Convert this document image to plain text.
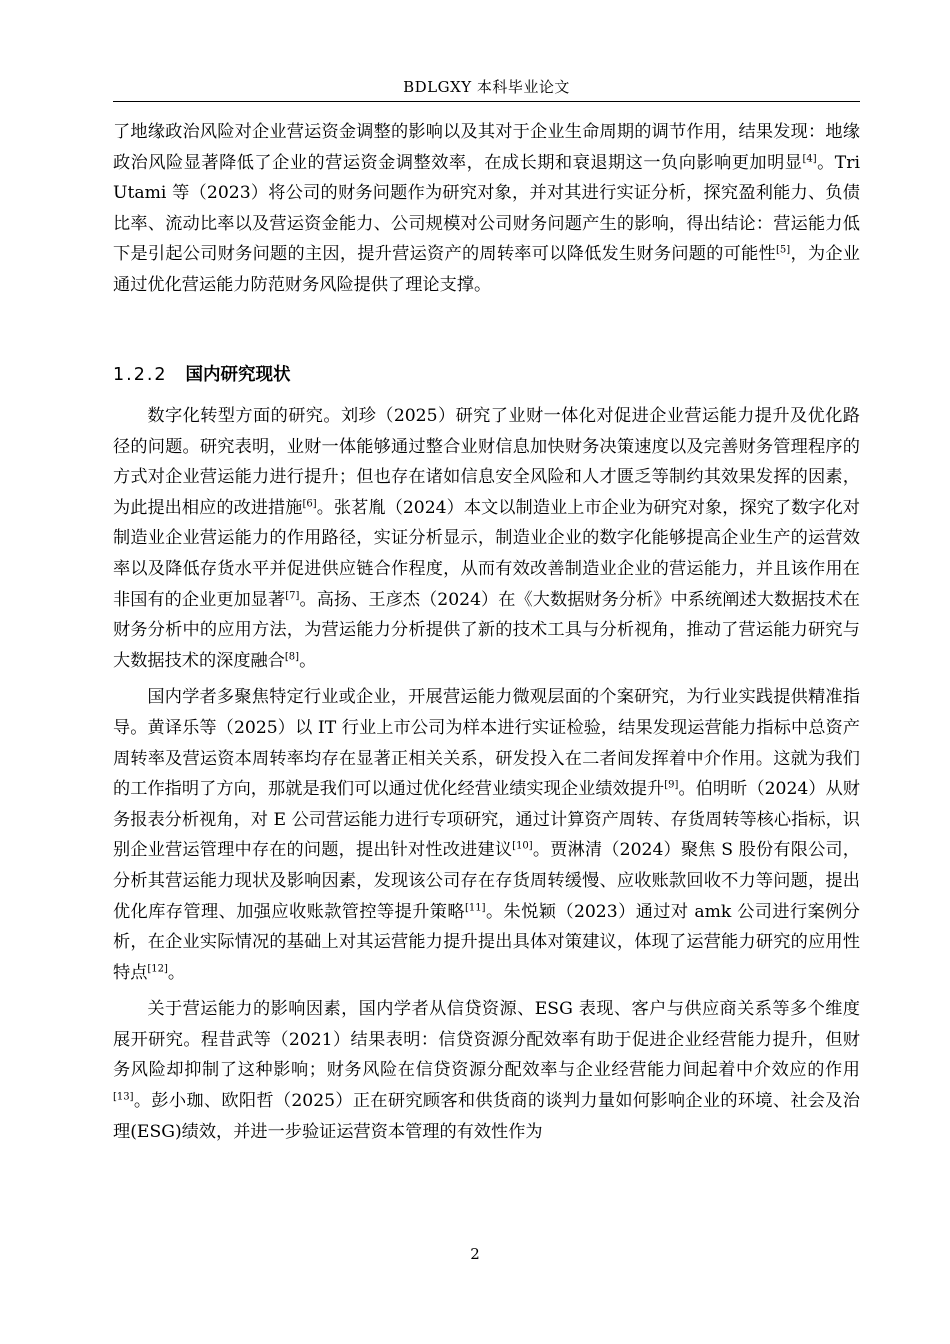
BDLGXY 本科毕业论文

了地缘政治风险对企业营运资金调整的影响以及其对于企业生命周期的调节作用，结果发现：地缘政治风险显著降低了企业的营运资金调整效率，在成长期和衰退期这一负向影响更加明显[4]。Tri Utami 等（2023）将公司的财务问题作为研究对象，并对其进行实证分析，探究盈利能力、负债比率、流动比率以及营运资金能力、公司规模对公司财务问题产生的影响，得出结论：营运能力低下是引起公司财务问题的主因，提升营运资产的周转率可以降低发生财务问题的可能性[5]，为企业通过优化营运能力防范财务风险提供了理论支撑。

1.2.2 国内研究现状

数字化转型方面的研究。刘珍（2025）研究了业财一体化对促进企业营运能力提升及优化路径的问题。研究表明，业财一体能够通过整合业财信息加快财务决策速度以及完善财务管理程序的方式对企业营运能力进行提升；但也存在诸如信息安全风险和人才匮乏等制约其效果发挥的因素，为此提出相应的改进措施[6]。张茗胤（2024）本文以制造业上市企业为研究对象，探究了数字化对制造业企业营运能力的作用路径，实证分析显示，制造业企业的数字化能够提高企业生产的运营效率以及降低存货水平并促进供应链合作程度，从而有效改善制造业企业的营运能力，并且该作用在非国有的企业更加显著[7]。高扬、王彦杰（2024）在《大数据财务分析》中系统阐述大数据技术在财务分析中的应用方法，为营运能力分析提供了新的技术工具与分析视角，推动了营运能力研究与大数据技术的深度融合[8]。

国内学者多聚焦特定行业或企业，开展营运能力微观层面的个案研究，为行业实践提供精准指导。黄译乐等（2025）以 IT 行业上市公司为样本进行实证检验，结果发现运营能力指标中总资产周转率及营运资本周转率均存在显著正相关关系，研发投入在二者间发挥着中介作用。这就为我们的工作指明了方向，那就是我们可以通过优化经营业绩实现企业绩效提升[9]。伯明昕（2024）从财务报表分析视角，对 E 公司营运能力进行专项研究，通过计算资产周转、存货周转等核心指标，识别企业营运管理中存在的问题，提出针对性改进建议[10]。贾淋清（2024）聚焦 S 股份有限公司，分析其营运能力现状及影响因素，发现该公司存在存货周转缓慢、应收账款回收不力等问题，提出优化库存管理、加强应收账款管控等提升策略[11]。朱悦颖（2023）通过对 amk 公司进行案例分析，在企业实际情况的基础上对其运营能力提升提出具体对策建议，体现了运营能力研究的应用性特点[12]。

关于营运能力的影响因素，国内学者从信贷资源、ESG 表现、客户与供应商关系等多个维度展开研究。程昔武等（2021）结果表明：信贷资源分配效率有助于促进企业经营能力提升，但财务风险却抑制了这种影响；财务风险在信贷资源分配效率与企业经营能力间起着中介效应的作用[13]。彭小珈、欧阳哲（2025）正在研究顾客和供货商的谈判力量如何影响企业的环境、社会及治理(ESG)绩效，并进一步验证运营资本管理的有效性作为

2
